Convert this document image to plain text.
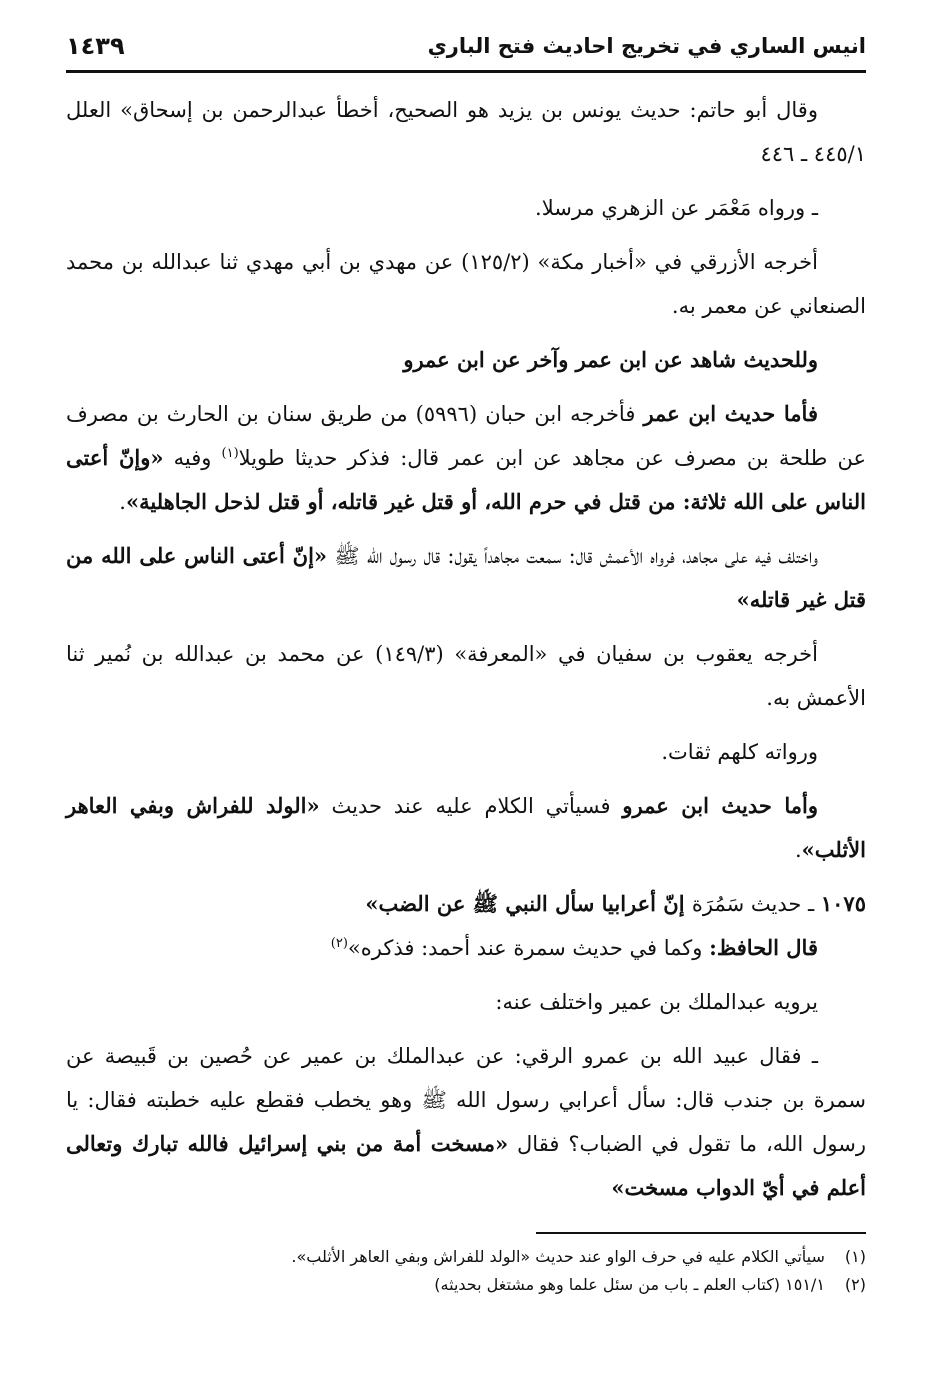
انيس الساري في تخريج احاديث فتح الباري
١٤٣٩

وقال أبو حاتم: حديث يونس بن يزيد هو الصحيح، أخطأ عبدالرحمن بن إسحاق» العلل ٤٤٥/١ ـ ٤٤٦

ـ ورواه مَعْمَر عن الزهري مرسلا.

أخرجه الأزرقي في «أخبار مكة» (١٢٥/٢) عن مهدي بن أبي مهدي ثنا عبدالله بن محمد الصنعاني عن معمر به.

وللحديث شاهد عن ابن عمر وآخر عن ابن عمرو

فأما حديث ابن عمر فأخرجه ابن حبان (٥٩٩٦) من طريق سنان بن الحارث بن مصرف عن طلحة بن مصرف عن مجاهد عن ابن عمر قال: فذكر حديثا طويلا$^{(١)}$ وفيه «وإنّ أعتى الناس على الله ثلاثة: من قتل في حرم الله، أو قتل غير قاتله، أو قتل لذحل الجاهلية».

واختلف فيه على مجاهد، فرواه الأعمش قال: سمعت مجاهداً يقول: قال رسول الله ﷺ «إنّ أعتى الناس على الله من قتل غير قاتله»

أخرجه يعقوب بن سفيان في «المعرفة» (١٤٩/٣) عن محمد بن عبدالله بن نُمير ثنا الأعمش به.

ورواته كلهم ثقات.

وأما حديث ابن عمرو فسيأتي الكلام عليه عند حديث «الولد للفراش وبفي العاهر الأثلب».

١٠٧٥ ـ حديث سَمُرَة إنّ أعرابيا سأل النبي ﷺ عن الضب»

قال الحافظ: وكما في حديث سمرة عند أحمد: فذكره»$^{(٢)}$

يرويه عبدالملك بن عمير واختلف عنه:

ـ فقال عبيد الله بن عمرو الرقي: عن عبدالملك بن عمير عن حُصين بن قَبيصة عن سمرة بن جندب قال: سأل أعرابي رسول الله ﷺ وهو يخطب فقطع عليه خطبته فقال: يا رسول الله، ما تقول في الضباب؟ فقال «مسخت أمة من بني إسرائيل فالله تبارك وتعالى أعلم في أيّ الدواب مسخت»

(١) سيأتي الكلام عليه في حرف الواو عند حديث «الولد للفراش وبفي العاهر الأثلب».
(٢) ١٥١/١ (كتاب العلم ـ باب من سئل علما وهو مشتغل بحديثه)
